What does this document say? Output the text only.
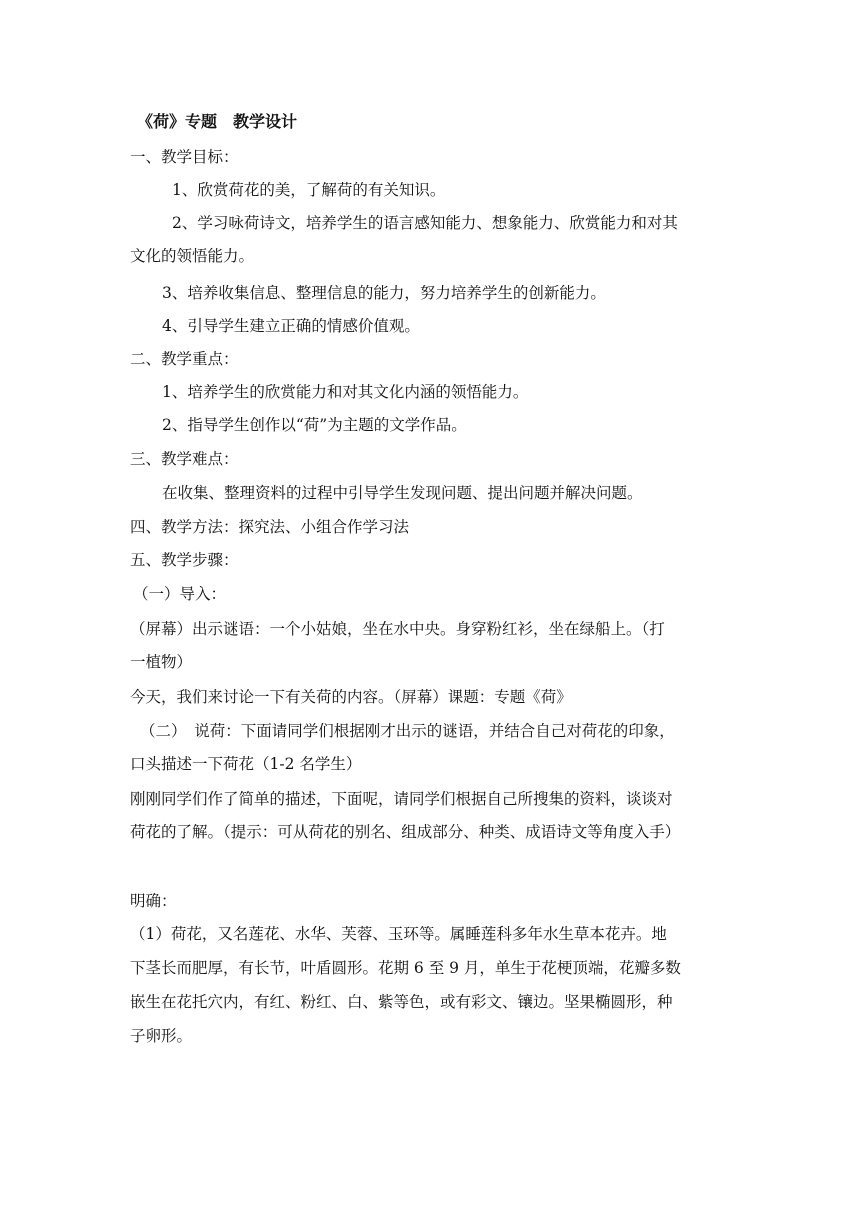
《荷》专题　教学设计
一、教学目标：
1、欣赏荷花的美，了解荷的有关知识。
2、学习咏荷诗文，培养学生的语言感知能力、想象能力、欣赏能力和对其
文化的领悟能力。
3、培养收集信息、整理信息的能力，努力培养学生的创新能力。
4、引导学生建立正确的情感价值观。
二、教学重点：
1、培养学生的欣赏能力和对其文化内涵的领悟能力。
2、指导学生创作以“荷”为主题的文学作品。
三、教学难点：
在收集、整理资料的过程中引导学生发现问题、提出问题并解决问题。
四、教学方法：探究法、小组合作学习法
五、教学步骤：
（一）导入：
（屏幕）出示谜语：一个小姑娘，坐在水中央。身穿粉红衫，坐在绿船上。（打
一植物）
今天，我们来讨论一下有关荷的内容。（屏幕）课题：专题《荷》
（二）　说荷：下面请同学们根据刚才出示的谜语，并结合自己对荷花的印象，
口头描述一下荷花（1-2 名学生）
刚刚同学们作了简单的描述，下面呢，请同学们根据自己所搜集的资料，谈谈对
荷花的了解。（提示：可从荷花的别名、组成部分、种类、成语诗文等角度入手）
明确：
（1）荷花，又名莲花、水华、芙蓉、玉环等。属睡莲科多年水生草本花卉。地
下茎长而肥厚，有长节，叶盾圆形。花期 6 至 9 月，单生于花梗顶端，花瓣多数
嵌生在花托穴内，有红、粉红、白、紫等色，或有彩文、镶边。坚果椭圆形，种
子卵形。
